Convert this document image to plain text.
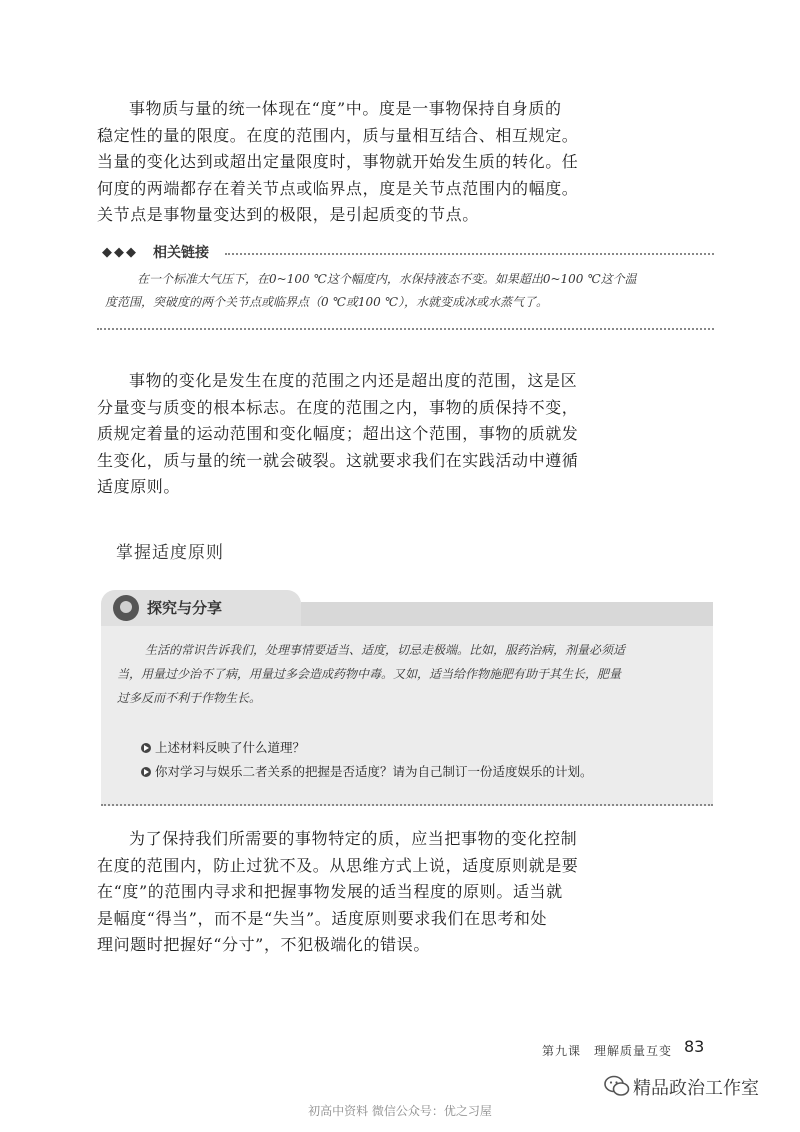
事物质与量的统一体现在“度”中。度是一事物保持自身质的
稳定性的量的限度。在度的范围内，质与量相互结合、相互规定。
当量的变化达到或超出定量限度时，事物就开始发生质的转化。任
何度的两端都存在着关节点或临界点，度是关节点范围内的幅度。
关节点是事物量变达到的极限，是引起质变的节点。
◆◆◆ 相关链接
在一个标准大气压下，在0~100 ℃这个幅度内，水保持液态不变。如果超出0~100 ℃这个温
度范围，突破度的两个关节点或临界点（0 ℃或100 ℃），水就变成冰或水蒸气了。
事物的变化是发生在度的范围之内还是超出度的范围，这是区
分量变与质变的根本标志。在度的范围之内，事物的质保持不变，
质规定着量的运动范围和变化幅度；超出这个范围，事物的质就发
生变化，质与量的统一就会破裂。这就要求我们在实践活动中遵循
适度原则。
掌握适度原则
探究与分享
生活的常识告诉我们，处理事情要适当、适度，切忌走极端。比如，服药治病，剂量必须适
当，用量过少治不了病，用量过多会造成药物中毒。又如，适当给作物施肥有助于其生长，肥量
过多反而不利于作物生长。
上述材料反映了什么道理？
你对学习与娱乐二者关系的把握是否适度？请为自己制订一份适度娱乐的计划。
为了保持我们所需要的事物特定的质，应当把事物的变化控制
在度的范围内，防止过犹不及。从思维方式上说，适度原则就是要
在“度”的范围内寻求和把握事物发展的适当程度的原则。适当就
是幅度“得当”，而不是“失当”。适度原则要求我们在思考和处
理问题时把握好“分寸”，不犯极端化的错误。
第九课　理解质量互变 83
精品政治工作室
初高中资料 微信公众号：优之习屋
